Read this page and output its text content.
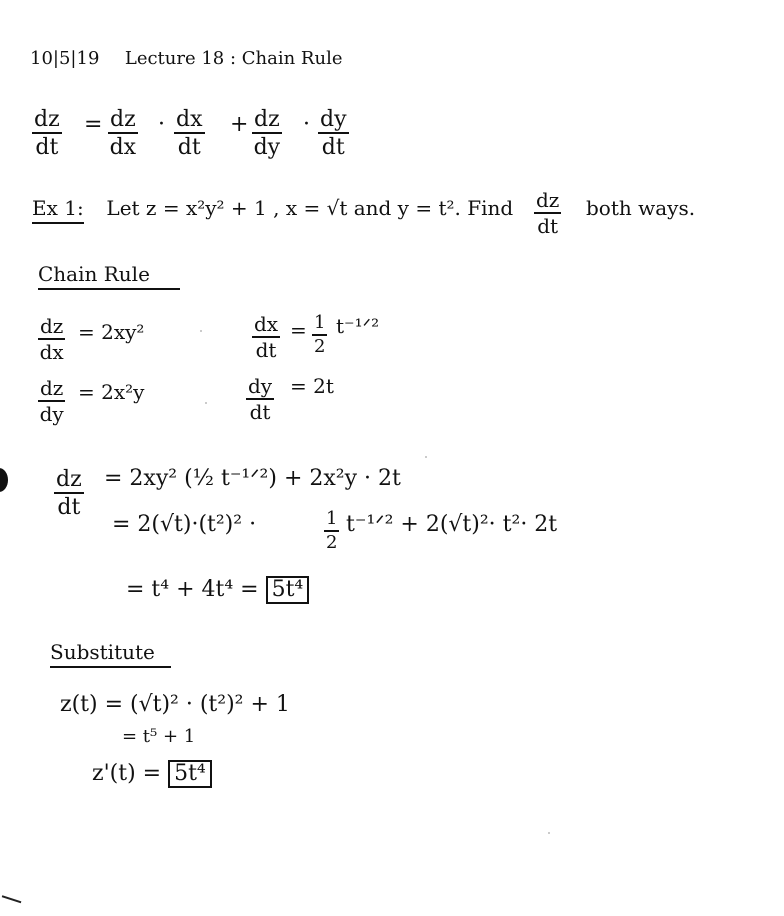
10|5|19 Lecture 18 : Chain Rule
$\frac{dz}{dt} = \frac{dz}{dx} \cdot \frac{dx}{dt} + \frac{dz}{dy} \cdot \frac{dy}{dt}$
Ex 1: Let z = x²y² + 1 , x = √t and y = t². Find $\frac{dz}{dt}$ both ways.
Chain Rule
$\frac{dz}{dx} = 2xy^2$
$\frac{dz}{dy} = 2x^2y$
$\frac{dx}{dt} = \frac{1}{2}$ t⁻¹ᐟ²
$\frac{dy}{dt} = 2t$
$\frac{dz}{dt} = 2xy^2$ (½ t⁻¹ᐟ²) + 2x²y · 2t
= 2(√t)·(t²)² ·	$\frac{1}{2}$ t⁻¹ᐟ² + 2(√t)²· t²· 2t
= t⁴ + 4t⁴ = 5t⁴
Substitute
z(t) = (√t)² · (t²)² + 1
= t⁵ + 1
z'(t) = 5t⁴
